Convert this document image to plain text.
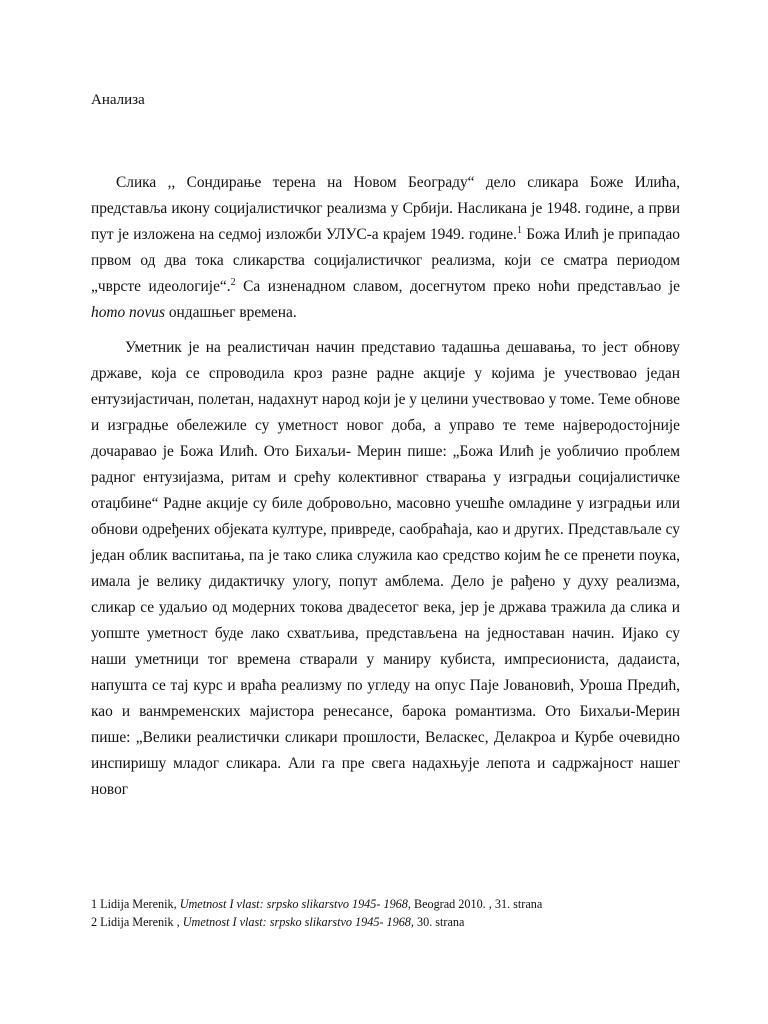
Анализа

Слика ,, Сондирање терена на Новом Београду“ дело сликара Боже Илића, представља икону социјалистичког реализма у Србији. Насликана је 1948. године, а први пут је изложена на седмој изложби УЛУС-а крајем 1949. године.$^1$ Божа Илић је припадао првом од два тока сликарства социјалистичког реализма, који се сматра периодом „чврсте идеологије“.$^2$ Са изненадном славом, досегнутом преко ноћи представљао је homo novus ондашњег времена.

Уметник је на реалистичан начин представио тадашња дешавања, то јест обнову државе, која се спроводила кроз разне радне акције у којима је учествовао један ентузијастичан, полетан, надахнут народ који је у целини учествовао у томе. Теме обнове и изградње обележиле су уметност новог доба, а управо те теме најверодостојније дочаравао је Божа Илић. Ото Бихаљи- Мерин пише: „Божа Илић је уобличио проблем радног ентузијазма, ритам и срећу колективног стварања у изградњи социјалистичке отаџбине“ Радне акције су биле добровољно, масовно учешће омладине у изградњи или обнови одређених објеката културе, привреде, саобраћаја, као и других. Представљале су један облик васпитања, па је тако слика служила као средство којим ће се пренети поука, имала је велику дидактичку улогу, попут амблема. Дело је рађено у духу реализма, сликар се удаљио од модерних токова двадесетог века, јер је држава тражила да слика и уопште уметност буде лако схватљива, представљена на једноставан начин. Ијако су наши уметници тог времена стварали у маниру кубиста, импресиониста, дадаиста, напушта се тај курс и враћа реализму по угледу на опус Паје Јовановић, Уроша Предић, као и ванмременских мајистора ренесансе, барока романтизма. Ото Бихаљи-Мерин пише: „Велики реалистички сликари прошлости, Веласкес, Делакроа и Курбе очевидно инспиришу младог сликара. Али га пре свега надахњује лепота и садржајност нашег новог

1 Lidija Merenik, Umetnost I vlast: srpsko slikarstvo 1945- 1968, Beograd 2010. , 31. strana
2 Lidija Merenik , Umetnost I vlast: srpsko slikarstvo 1945- 1968, 30. strana
